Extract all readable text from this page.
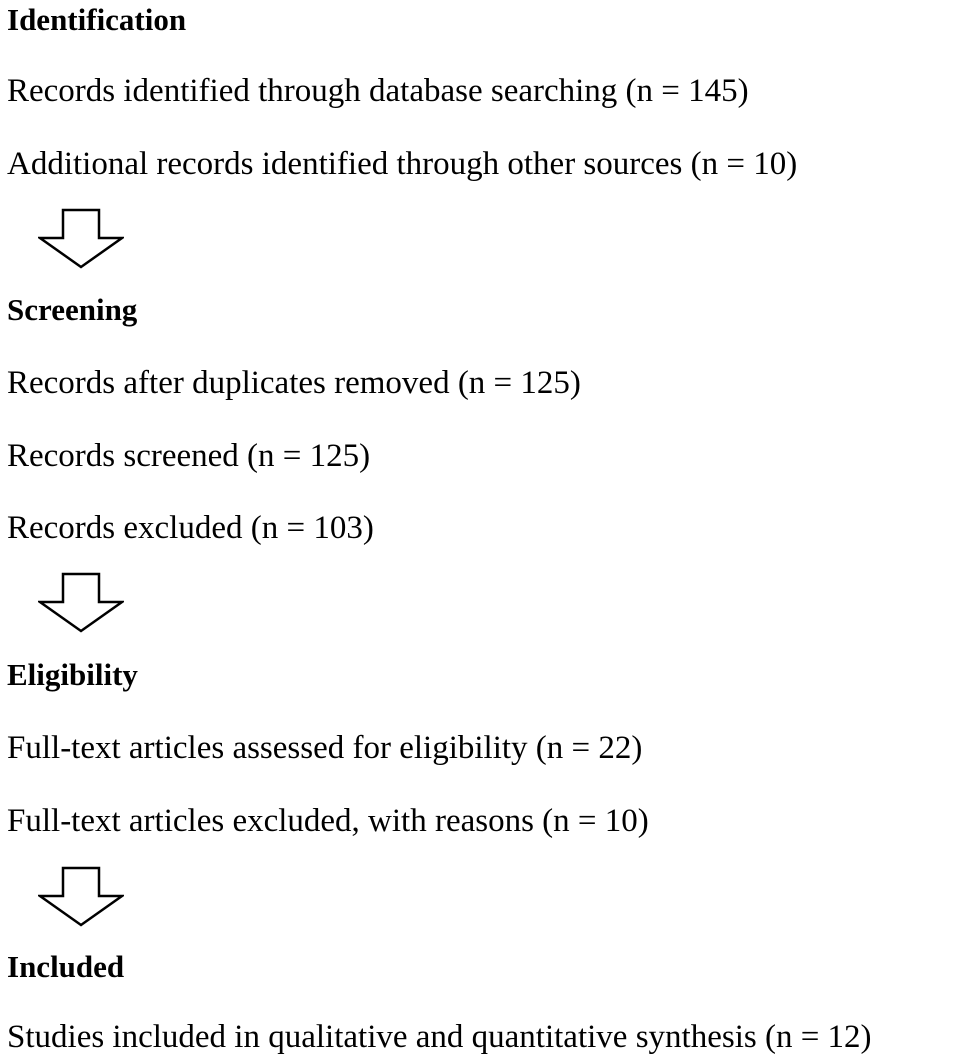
Identification
Records identified through database searching (n = 145)
Additional records identified through other sources (n = 10)
Screening
Records after duplicates removed (n = 125)
Records screened (n = 125)
Records excluded (n = 103)
Eligibility
Full-text articles assessed for eligibility (n = 22)
Full-text articles excluded, with reasons (n = 10)
Included
Studies included in qualitative and quantitative synthesis (n = 12)
